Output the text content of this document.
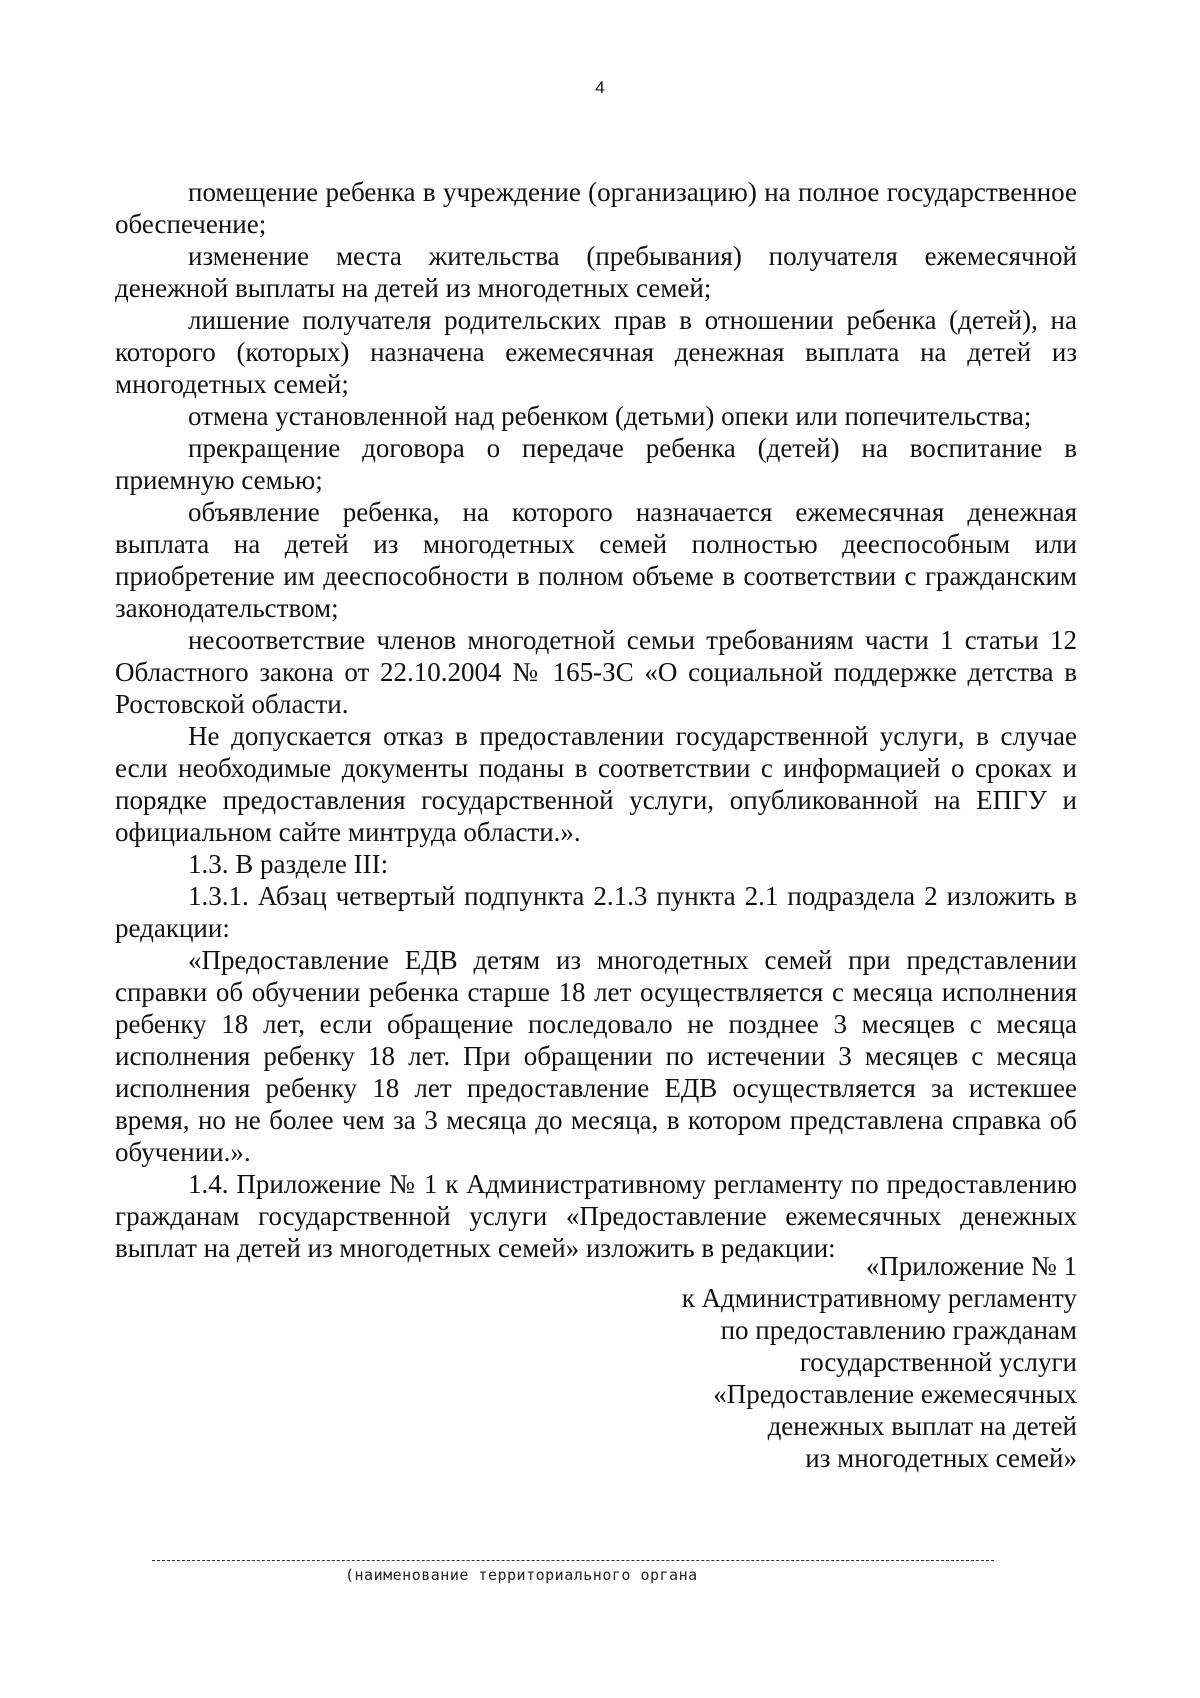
4

помещение ребенка в учреждение (организацию) на полное государственное обеспечение;

изменение места жительства (пребывания) получателя ежемесячной денежной выплаты на детей из многодетных семей;

лишение получателя родительских прав в отношении ребенка (детей), на которого (которых) назначена ежемесячная денежная выплата на детей из многодетных семей;

отмена установленной над ребенком (детьми) опеки или попечительства;

прекращение договора о передаче ребенка (детей) на воспитание в приемную семью;

объявление ребенка, на которого назначается ежемесячная денежная выплата на детей из многодетных семей полностью дееспособным или приобретение им дееспособности в полном объеме в соответствии с гражданским законодательством;

несоответствие членов многодетной семьи требованиям части 1 статьи 12 Областного закона от 22.10.2004 № 165-ЗС «О социальной поддержке детства в Ростовской области.

Не допускается отказ в предоставлении государственной услуги, в случае если необходимые документы поданы в соответствии с информацией о сроках и порядке предоставления государственной услуги, опубликованной на ЕПГУ и официальном сайте минтруда области.».

1.3. В разделе III:

1.3.1. Абзац четвертый подпункта 2.1.3 пункта 2.1 подраздела 2 изложить в редакции:

«Предоставление ЕДВ детям из многодетных семей при представлении справки об обучении ребенка старше 18 лет осуществляется с месяца исполнения ребенку 18 лет, если обращение последовало не позднее 3 месяцев с месяца исполнения ребенку 18 лет. При обращении по истечении 3 месяцев с месяца исполнения ребенку 18 лет предоставление ЕДВ осуществляется за истекшее время, но не более чем за 3 месяца до месяца, в котором представлена справка об обучении.».

1.4. Приложение № 1 к Административному регламенту по предоставлению гражданам государственной услуги «Предоставление ежемесячных денежных выплат на детей из многодетных семей» изложить в редакции:

«Приложение № 1
к Административному регламенту
по предоставлению гражданам
государственной услуги
«Предоставление ежемесячных
денежных выплат на детей
из многодетных семей»
(наименование территориального органа
